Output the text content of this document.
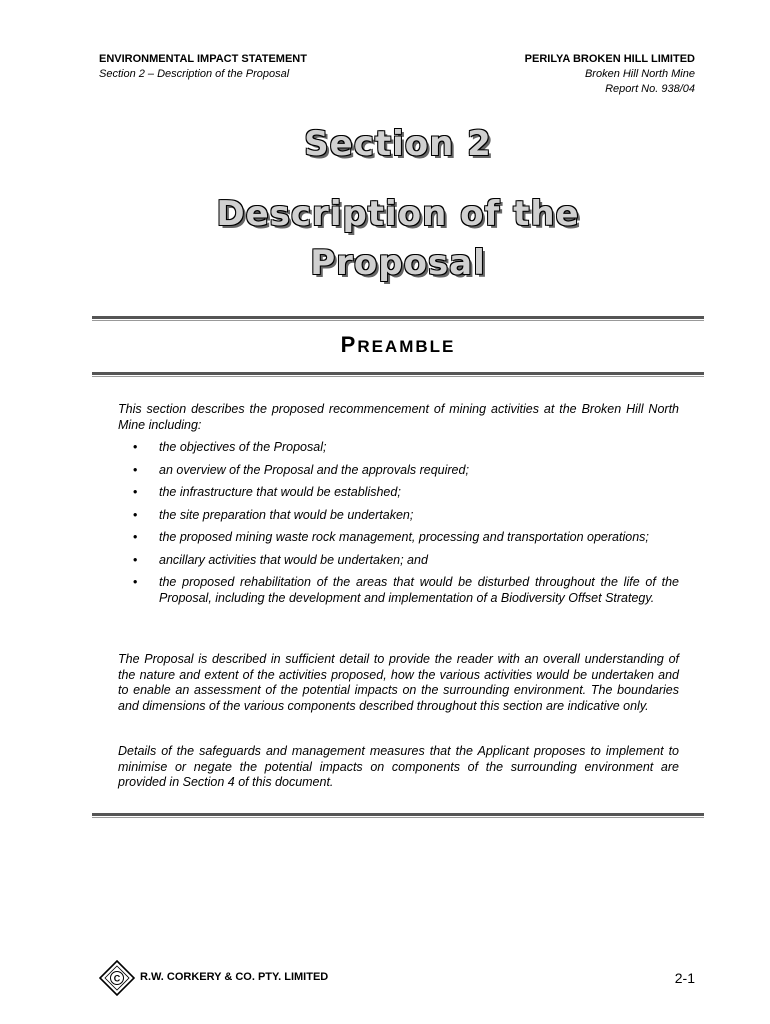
ENVIRONMENTAL IMPACT STATEMENT
Section 2 – Description of the Proposal
PERILYA BROKEN HILL LIMITED
Broken Hill North Mine
Report No. 938/04
Section 2
Description of the
Proposal
PREAMBLE
This section describes the proposed recommencement of mining activities at the Broken Hill North Mine including:
• the objectives of the Proposal;
• an overview of the Proposal and the approvals required;
• the infrastructure that would be established;
• the site preparation that would be undertaken;
• the proposed mining waste rock management, processing and transportation operations;
• ancillary activities that would be undertaken; and
• the proposed rehabilitation of the areas that would be disturbed throughout the life of the Proposal, including the development and implementation of a Biodiversity Offset Strategy.
The Proposal is described in sufficient detail to provide the reader with an overall understanding of the nature and extent of the activities proposed, how the various activities would be undertaken and to enable an assessment of the potential impacts on the surrounding environment. The boundaries and dimensions of the various components described throughout this section are indicative only.
Details of the safeguards and management measures that the Applicant proposes to implement to minimise or negate the potential impacts on components of the surrounding environment are provided in Section 4 of this document.
C R.W. CORKERY & CO. PTY. LIMITED	2-1
